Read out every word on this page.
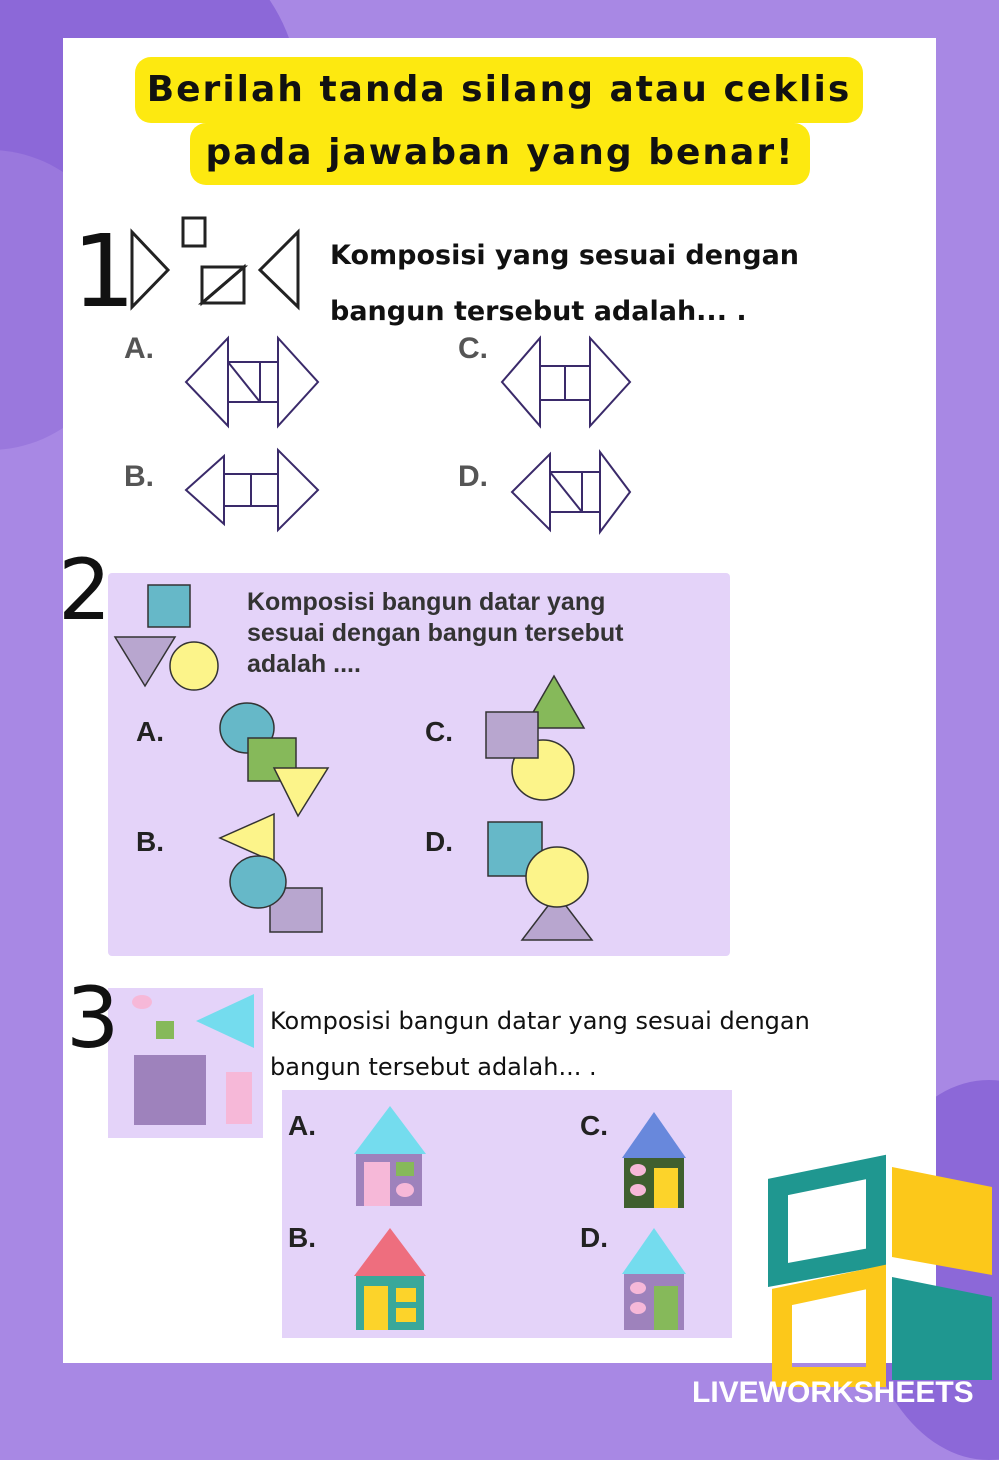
Berilah tanda silang atau ceklis
pada jawaban yang benar!
1	Komposisi yang sesuai dengan
bangun tersebut adalah... .
A.
B.
C.
D.
2	Komposisi bangun datar yang
sesuai dengan bangun tersebut
adalah ....
A.
B.
C.
D.
3	Komposisi bangun datar yang sesuai dengan
bangun tersebut adalah... .
A.
B.
C.
D.
LIVEWORKSHEETS
